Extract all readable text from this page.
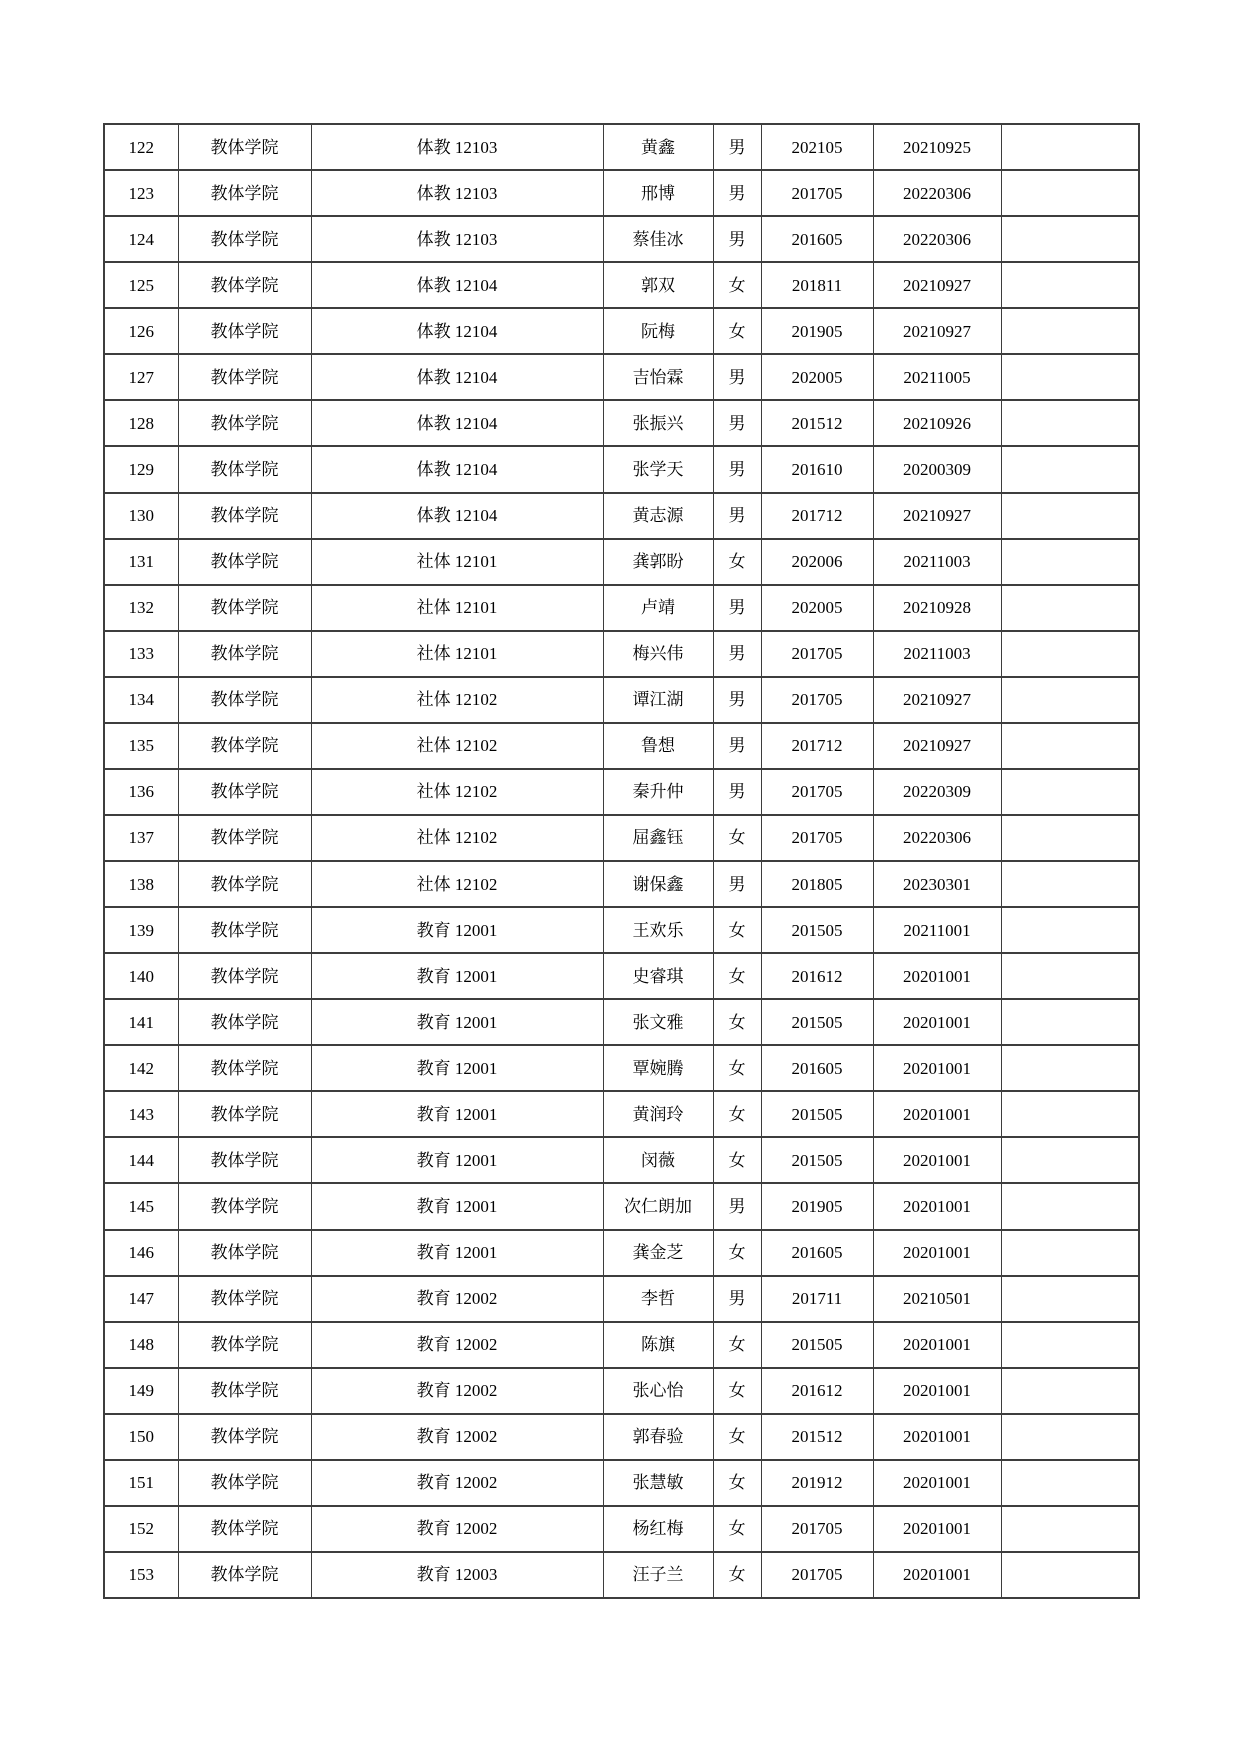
122	教体学院	体教 12103	黄鑫	男	202105	20210925	
123	教体学院	体教 12103	邢博	男	201705	20220306	
124	教体学院	体教 12103	蔡佳冰	男	201605	20220306	
125	教体学院	体教 12104	郭双	女	201811	20210927	
126	教体学院	体教 12104	阮梅	女	201905	20210927	
127	教体学院	体教 12104	吉怡霖	男	202005	20211005	
128	教体学院	体教 12104	张振兴	男	201512	20210926	
129	教体学院	体教 12104	张学天	男	201610	20200309	
130	教体学院	体教 12104	黄志源	男	201712	20210927	
131	教体学院	社体 12101	龚郭盼	女	202006	20211003	
132	教体学院	社体 12101	卢靖	男	202005	20210928	
133	教体学院	社体 12101	梅兴伟	男	201705	20211003	
134	教体学院	社体 12102	谭江湖	男	201705	20210927	
135	教体学院	社体 12102	鲁想	男	201712	20210927	
136	教体学院	社体 12102	秦升仲	男	201705	20220309	
137	教体学院	社体 12102	屈鑫钰	女	201705	20220306	
138	教体学院	社体 12102	谢保鑫	男	201805	20230301	
139	教体学院	教育 12001	王欢乐	女	201505	20211001	
140	教体学院	教育 12001	史睿琪	女	201612	20201001	
141	教体学院	教育 12001	张文雅	女	201505	20201001	
142	教体学院	教育 12001	覃婉腾	女	201605	20201001	
143	教体学院	教育 12001	黄润玲	女	201505	20201001	
144	教体学院	教育 12001	闵薇	女	201505	20201001	
145	教体学院	教育 12001	次仁朗加	男	201905	20201001	
146	教体学院	教育 12001	龚金芝	女	201605	20201001	
147	教体学院	教育 12002	李哲	男	201711	20210501	
148	教体学院	教育 12002	陈旗	女	201505	20201001	
149	教体学院	教育 12002	张心怡	女	201612	20201001	
150	教体学院	教育 12002	郭春验	女	201512	20201001	
151	教体学院	教育 12002	张慧敏	女	201912	20201001	
152	教体学院	教育 12002	杨红梅	女	201705	20201001	
153	教体学院	教育 12003	汪子兰	女	201705	20201001	
